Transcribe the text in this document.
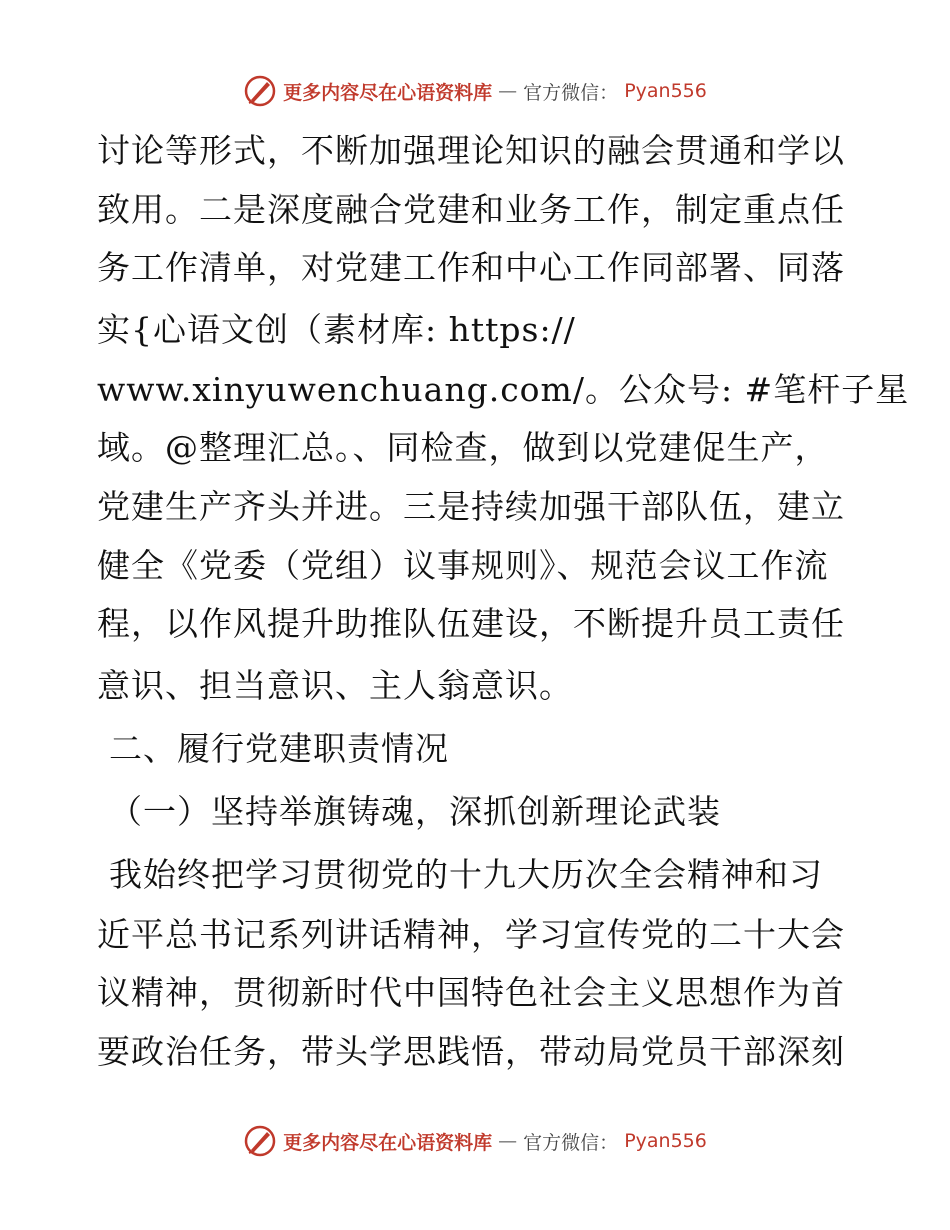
更多内容尽在心语资料库 — 官方微信： Pyan556
讨论等形式，不断加强理论知识的融会贯通和学以
致用。二是深度融合党建和业务工作，制定重点任
务工作清单，对党建工作和中心工作同部署、同落
实{心语文创（素材库: https://
www.xinyuwenchuang.com/。公众号: #笔杆子星
域。@整理汇总。、同检查，做到以党建促生产，
党建生产齐头并进。三是持续加强干部队伍，建立
健全《党委（党组）议事规则》、规范会议工作流
程，以作风提升助推队伍建设，不断提升员工责任
意识、担当意识、主人翁意识。
二、履行党建职责情况
（一）坚持举旗铸魂，深抓创新理论武装
我始终把学习贯彻党的十九大历次全会精神和习
近平总书记系列讲话精神，学习宣传党的二十大会
议精神，贯彻新时代中国特色社会主义思想作为首
要政治任务，带头学思践悟，带动局党员干部深刻
更多内容尽在心语资料库 — 官方微信： Pyan556
